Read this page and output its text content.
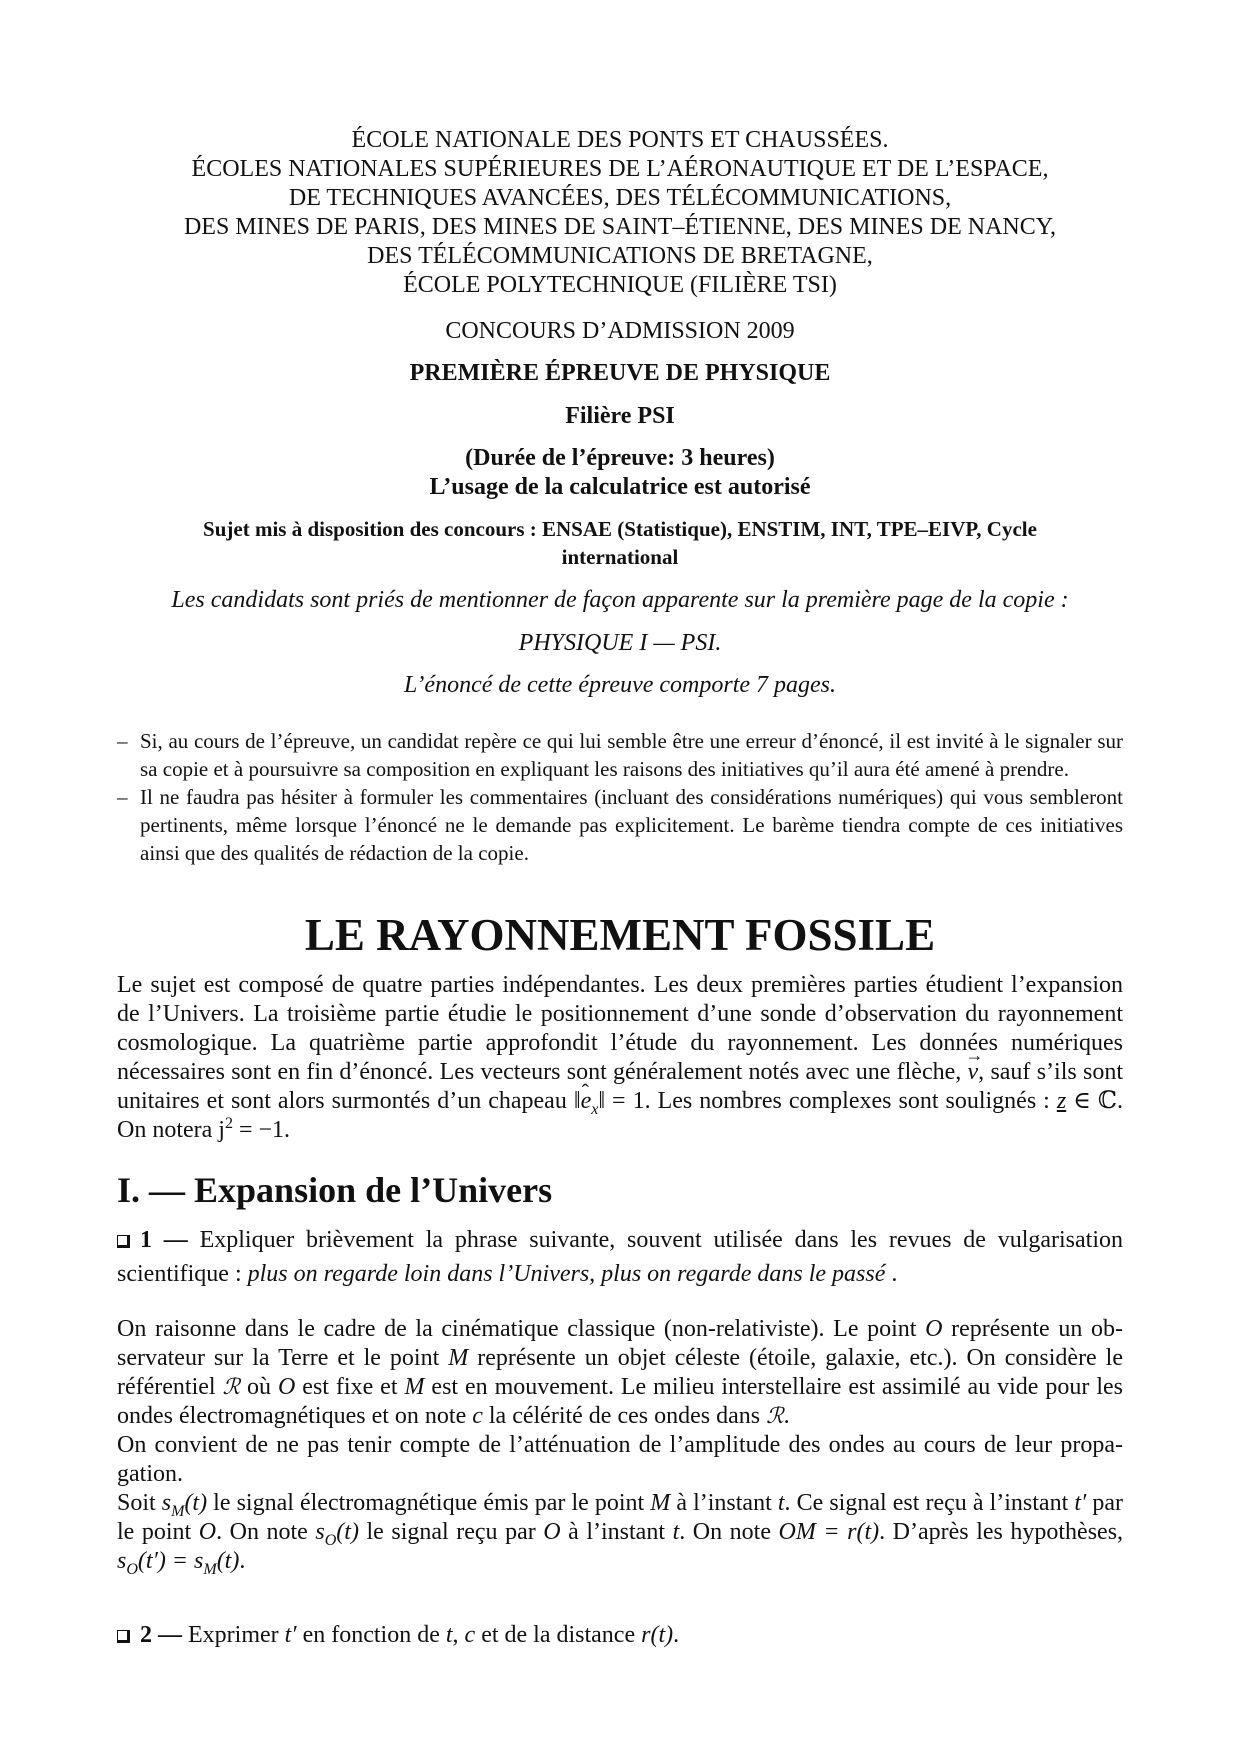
ÉCOLE NATIONALE DES PONTS ET CHAUSSÉES.
ÉCOLES NATIONALES SUPÉRIEURES DE L’AÉRONAUTIQUE ET DE L’ESPACE,
DE TECHNIQUES AVANCÉES, DES TÉLÉCOMMUNICATIONS,
DES MINES DE PARIS, DES MINES DE SAINT–ÉTIENNE, DES MINES DE NANCY,
DES TÉLÉCOMMUNICATIONS DE BRETAGNE,
ÉCOLE POLYTECHNIQUE (FILIÈRE TSI)
CONCOURS D’ADMISSION 2009
PREMIÈRE ÉPREUVE DE PHYSIQUE
Filière PSI
(Durée de l’épreuve: 3 heures)
L’usage de la calculatrice est autorisé
Sujet mis à disposition des concours : ENSAE (Statistique), ENSTIM, INT, TPE–EIVP, Cycle international
Les candidats sont priés de mentionner de façon apparente sur la première page de la copie :
PHYSIQUE I — PSI.
L’énoncé de cette épreuve comporte 7 pages.
– Si, au cours de l’épreuve, un candidat repère ce qui lui semble être une erreur d’énoncé, il est invité à le signaler sur sa copie et à poursuivre sa composition en expliquant les raisons des initiatives qu’il aura été amené à prendre.
– Il ne faudra pas hésiter à formuler les commentaires (incluant des considérations numériques) qui vous sembleront pertinents, même lorsque l’énoncé ne le demande pas explicitement. Le barème tiendra compte de ces initiatives ainsi que des qualités de rédaction de la copie.
LE RAYONNEMENT FOSSILE
Le sujet est composé de quatre parties indépendantes. Les deux premières parties étudient l’expansion de l’Univers. La troisième partie étudie le positionnement d’une sonde d’observation du rayonnement cosmologique. La quatrième partie approfondit l’étude du rayonnement. Les données numériques nécessaires sont en fin d’énoncé. Les vecteurs sont généralement notés avec une flèche, → v, sauf s’ils sont unitaires et sont alors surmontés d’un chapeau ‖ˆ $e_x‖ = 1$. Les nombres complexes sont soulignés : z ∈ ℂ. On notera $j^2 = -1$.
I. — Expansion de l’Univers
1 — Expliquer brièvement la phrase suivante, souvent utilisée dans les revues de vulgarisation scientifique : plus on regarde loin dans l’Univers, plus on regarde dans le passé .
On raisonne dans le cadre de la cinématique classique (non-relativiste). Le point O représente un observateur sur la Terre et le point M représente un objet céleste (étoile, galaxie, etc.). On considère le référentiel ℛ où O est fixe et M est en mouvement. Le milieu interstellaire est assimilé au vide pour les ondes électromagnétiques et on note c la célérité de ces ondes dans ℛ.
On convient de ne pas tenir compte de l’atténuation de l’amplitude des ondes au cours de leur propagation.
Soit $s_M(t)$ le signal électromagnétique émis par le point M à l’instant t. Ce signal est reçu à l’instant t′ par le point O. On note $s_O(t)$ le signal reçu par O à l’instant t. On note OM = r(t). D’après les hypothèses, $s_O(t') = s_M(t)$.
2 — Exprimer t′ en fonction de t, c et de la distance r(t).
